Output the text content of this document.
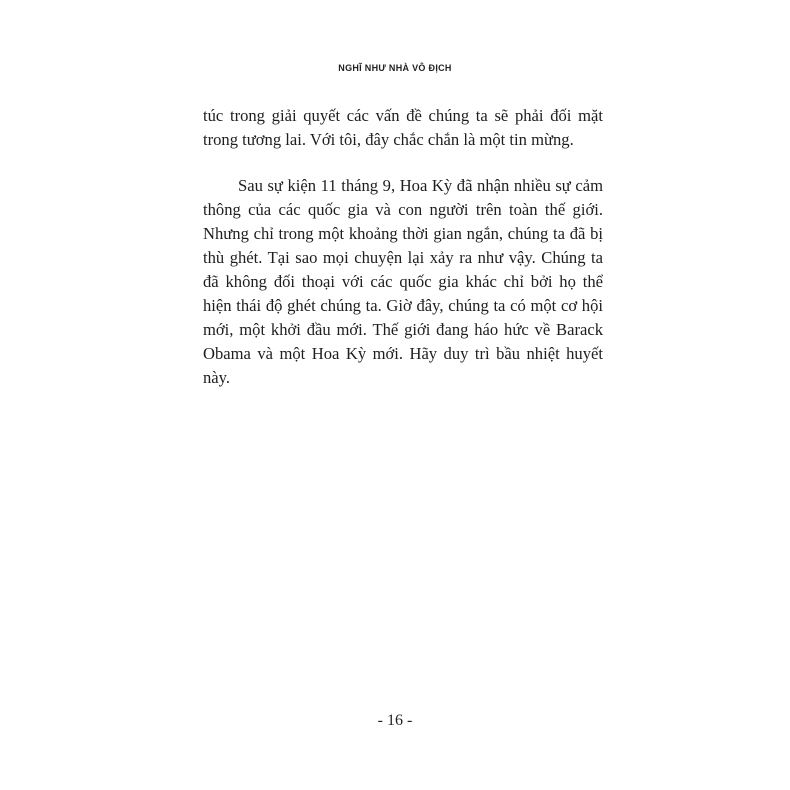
NGHĨ NHƯ NHÀ VÔ ĐỊCH

túc trong giải quyết các vấn đề chúng ta sẽ phải đối mặt trong tương lai. Với tôi, đây chắc chắn là một tin mừng.

Sau sự kiện 11 tháng 9, Hoa Kỳ đã nhận nhiều sự cảm thông của các quốc gia và con người trên toàn thế giới. Nhưng chỉ trong một khoảng thời gian ngắn, chúng ta đã bị thù ghét. Tại sao mọi chuyện lại xảy ra như vậy. Chúng ta đã không đối thoại với các quốc gia khác chỉ bởi họ thể hiện thái độ ghét chúng ta. Giờ đây, chúng ta có một cơ hội mới, một khởi đầu mới. Thế giới đang háo hức về Barack Obama và một Hoa Kỳ mới. Hãy duy trì bầu nhiệt huyết này.

- 16 -
